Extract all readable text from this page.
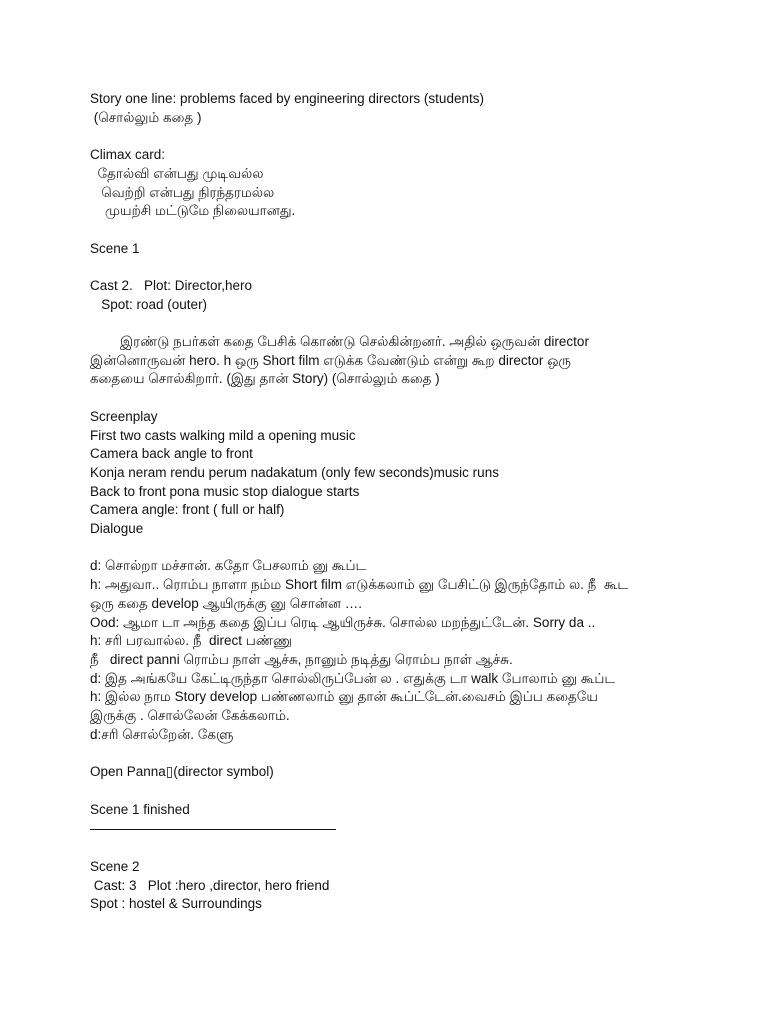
Story one line: problems faced by engineering directors (students)
(சொல்லும் கதை )
Climax card:
தோல்வி என்பது முடிவல்ல
வெற்றி என்பது நிரந்தரமல்ல
முயற்சி மட்டுமே நிலையானது.
Scene 1
Cast 2.   Plot: Director,hero
Spot: road (outer)
இரண்டு நபர்கள் கதை பேசிக் கொண்டு செல்கின்றனர். அதில் ஒருவன் director
இன்னொருவன் hero. h ஒரு Short film எடுக்க வேண்டும் என்று கூற director ஒரு
கதையை சொல்கிறார். (இது தான் Story) (சொல்லும் கதை )
Screenplay
First two casts walking mild a opening music
Camera back angle to front
Konja neram rendu perum nadakatum (only few seconds)music runs
Back to front pona music stop dialogue starts
Camera angle: front ( full or half)
Dialogue
d: சொல்றா மச்சான். கதோ பேசலாம் னு கூப்ட
h: அதுவா.. ரொம்ப நாளா நம்ம Short film எடுக்கலாம் னு பேசிட்டு இருந்தோம் ல. நீ  கூட
ஒரு கதை develop ஆயிருக்கு னு சொன்ன ….
Ood: ஆமா டா அந்த கதை இப்ப ரெடி ஆயிருச்சு. சொல்ல மறந்துட்டேன். Sorry da ..
h: சரி பரவால்ல. நீ  direct பண்ணு
நீ   direct panni ரொம்ப நாள் ஆச்சு, நானும் நடித்து ரொம்ப நாள் ஆச்சு.
d: இத அங்கயே கேட்டிருந்தா சொல்லிருப்பேன் ல . எதுக்கு டா walk போலாம் னு கூப்ட
h: இல்ல நாம Story develop பண்ணலாம் னு தான் கூப்ட்டேன்.வைசம் இப்ப கதையே
இருக்கு . சொல்லேன் கேக்கலாம்.
d:சரி சொல்றேன். கேளு
Open Panna▯(director symbol)
Scene 1 finished
Scene 2
Cast: 3   Plot :hero ,director, hero friend
Spot : hostel & Surroundings
